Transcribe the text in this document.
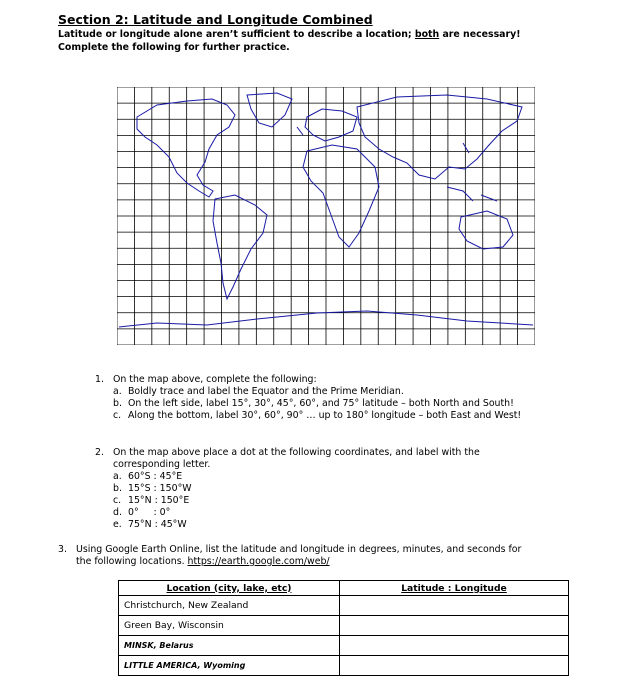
Section 2: Latitude and Longitude Combined
Latitude or longitude alone aren’t sufficient to describe a location; both are necessary!
Complete the following for further practice.
1. On the map above, complete the following:
a. Boldly trace and label the Equator and the Prime Meridian.
b. On the left side, label 15°, 30°, 45°, 60°, and 75° latitude – both North and South!
c. Along the bottom, label 30°, 60°, 90° … up to 180° longitude – both East and West!
2. On the map above place a dot at the following coordinates, and label with the
corresponding letter.
a. 60°S : 45°E
b. 15°S : 150°W
c. 15°N : 150°E
d. 0°     : 0°
e. 75°N : 45°W
3. Using Google Earth Online, list the latitude and longitude in degrees, minutes, and seconds for
the following locations. https://earth.google.com/web/
Location (city, lake, etc)	Latitude : Longitude
Christchurch, New Zealand	
Green Bay, Wisconsin	
MINSK, Belarus	
LITTLE AMERICA, Wyoming	
